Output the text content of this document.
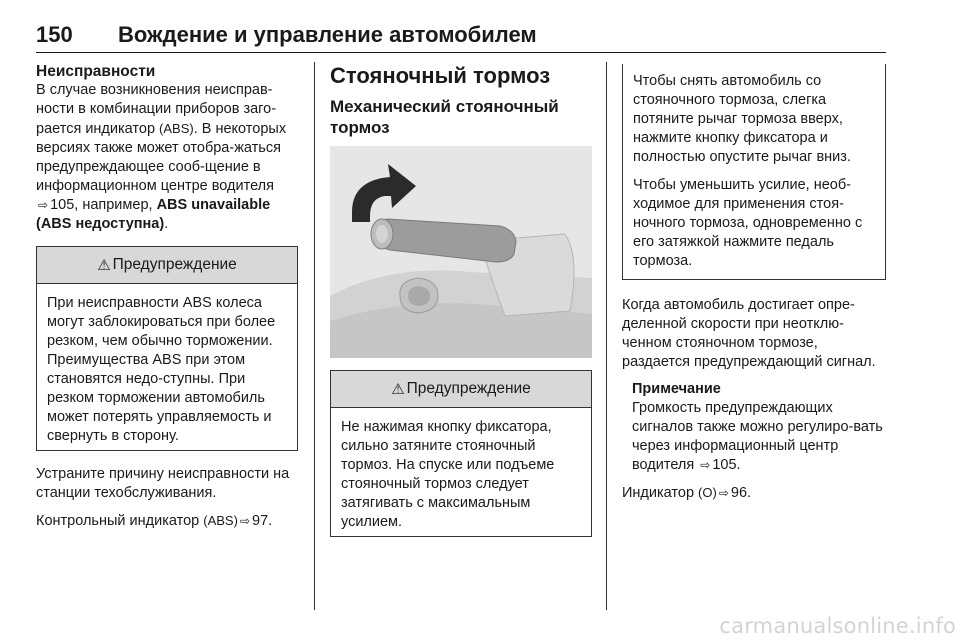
150	Вождение и управление автомобилем
Неисправности

В случае возникновения неисправ-ности в комбинации приборов заго-рается индикатор (ABS). В некоторых версиях также может отобра-жаться предупреждающее сооб-щение в информационном центре водителя ⇨ 105, например, ABS unavailable (ABS недоступна).

⚠ Предупреждение
При неисправности ABS колеса могут заблокироваться при более резком, чем обычно торможении. Преимущества ABS при этом становятся недо-ступны. При резком торможении автомобиль может потерять управляемость и свернуть в сторону.

Устраните причину неисправности на станции техобслуживания.

Контрольный индикатор (ABS) ⇨ 97.

Стояночный тормоз
Механический стояночный тормоз
⚠ Предупреждение
Не нажимая кнопку фиксатора, сильно затяните стояночный тормоз. На спуске или подъеме стояночный тормоз следует затягивать с максимальным усилием.

Чтобы снять автомобиль со стояночного тормоза, слегка потяните рычаг тормоза вверх, нажмите кнопку фиксатора и полностью опустите рычаг вниз.

Чтобы уменьшить усилие, необ-ходимое для применения стоя-ночного тормоза, одновременно с его затяжкой нажмите педаль тормоза.

Когда автомобиль достигает опре-деленной скорости при неотклю-ченном стояночном тормозе, раздается предупреждающий сигнал.

Примечание

Громкость предупреждающих сигналов также можно регулиро-вать через информационный центр водителя ⇨ 105.

Индикатор (O) ⇨ 96.

carmanualsonline.info
